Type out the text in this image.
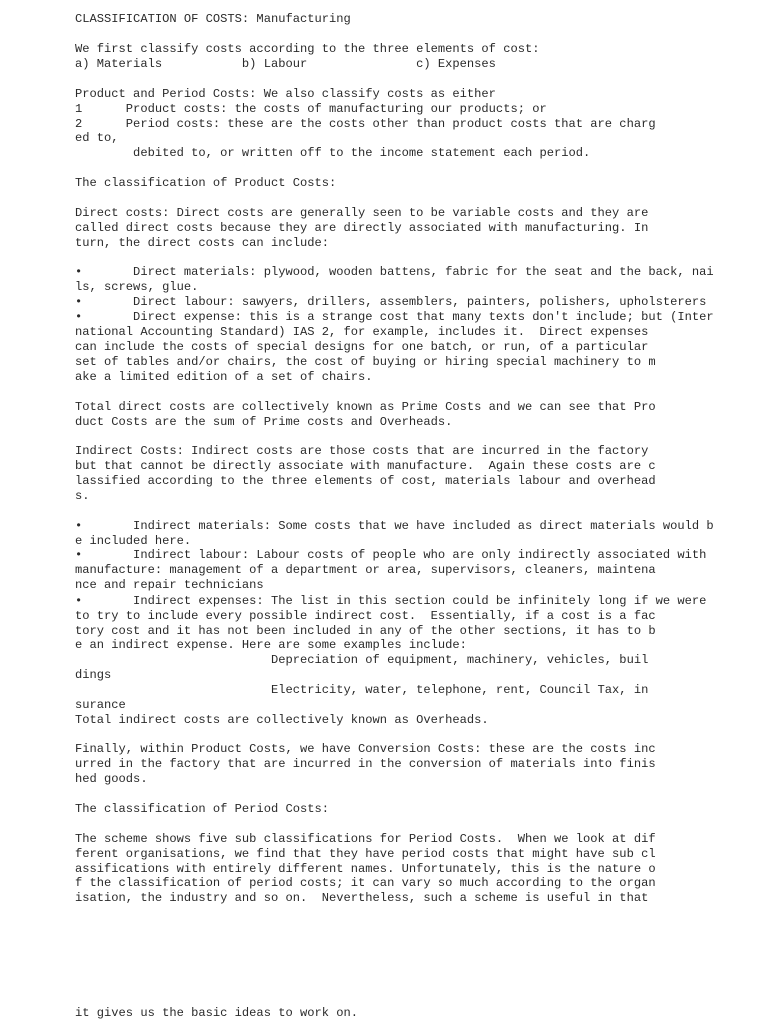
CLASSIFICATION OF COSTS: Manufacturing
We first classify costs according to the three elements of cost:
a) Materials           b) Labour               c) Expenses
Product and Period Costs: We also classify costs as either
1      Product costs: the costs of manufacturing our products; or
2      Period costs: these are the costs other than product costs that are charg
ed to,
debited to, or written off to the income statement each period.
The classification of Product Costs:
Direct costs: Direct costs are generally seen to be variable costs and they are
called direct costs because they are directly associated with manufacturing. In
turn, the direct costs can include:
•       Direct materials: plywood, wooden battens, fabric for the seat and the back, nai
ls, screws, glue.
•       Direct labour: sawyers, drillers, assemblers, painters, polishers, upholsterers
•       Direct expense: this is a strange cost that many texts don't include; but (Inter
national Accounting Standard) IAS 2, for example, includes it.  Direct expenses
can include the costs of special designs for one batch, or run, of a particular
set of tables and/or chairs, the cost of buying or hiring special machinery to m
ake a limited edition of a set of chairs.
Total direct costs are collectively known as Prime Costs and we can see that Pro
duct Costs are the sum of Prime costs and Overheads.
Indirect Costs: Indirect costs are those costs that are incurred in the factory
but that cannot be directly associate with manufacture.  Again these costs are c
lassified according to the three elements of cost, materials labour and overhead
s.
•       Indirect materials: Some costs that we have included as direct materials would b
e included here.
•       Indirect labour: Labour costs of people who are only indirectly associated with
manufacture: management of a department or area, supervisors, cleaners, maintena
nce and repair technicians
•       Indirect expenses: The list in this section could be infinitely long if we were
to try to include every possible indirect cost.  Essentially, if a cost is a fac
tory cost and it has not been included in any of the other sections, it has to b
e an indirect expense. Here are some examples include:
Depreciation of equipment, machinery, vehicles, buil
dings
Electricity, water, telephone, rent, Council Tax, in
surance
Total indirect costs are collectively known as Overheads.
Finally, within Product Costs, we have Conversion Costs: these are the costs inc
urred in the factory that are incurred in the conversion of materials into finis
hed goods.
The classification of Period Costs:
The scheme shows five sub classifications for Period Costs.  When we look at dif
ferent organisations, we find that they have period costs that might have sub cl
assifications with entirely different names. Unfortunately, this is the nature o
f the classification of period costs; it can vary so much according to the organ
isation, the industry and so on.  Nevertheless, such a scheme is useful in that
it gives us the basic ideas to work on.
